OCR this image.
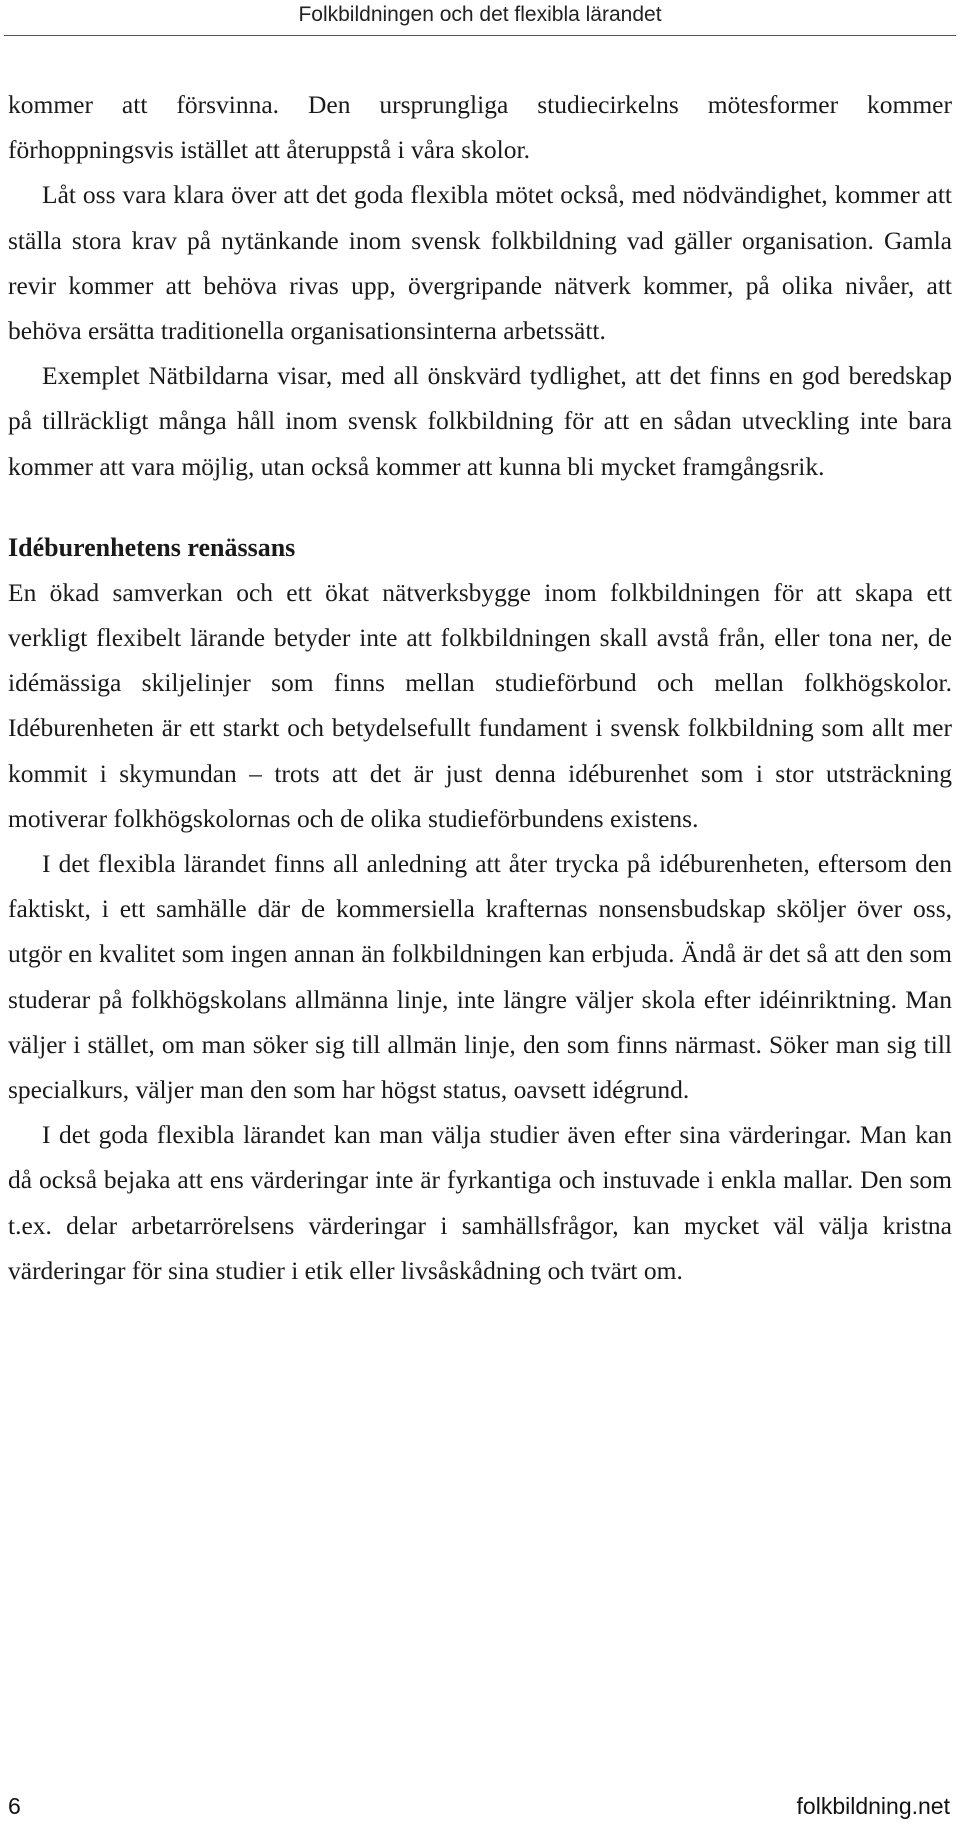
Folkbildningen och det flexibla lärandet

kommer att försvinna. Den ursprungliga studiecirkelns mötesformer kommer förhoppningsvis istället att återuppstå i våra skolor.

Låt oss vara klara över att det goda flexibla mötet också, med nödvändighet, kommer att ställa stora krav på nytänkande inom svensk folkbildning vad gäller organisation. Gamla revir kommer att behöva rivas upp, övergripande nätverk kommer, på olika nivåer, att behöva ersätta traditionella organisationsinterna arbetssätt.

Exemplet Nätbildarna visar, med all önskvärd tydlighet, att det finns en god beredskap på tillräckligt många håll inom svensk folkbildning för att en sådan utveckling inte bara kommer att vara möjlig, utan också kommer att kunna bli mycket framgångsrik.

Idéburenhetens renässans

En ökad samverkan och ett ökat nätverksbygge inom folkbildningen för att skapa ett verkligt flexibelt lärande betyder inte att folkbildningen skall avstå från, eller tona ner, de idémässiga skiljelinjer som finns mellan studieförbund och mellan folkhögskolor. Idéburenheten är ett starkt och betydelsefullt fundament i svensk folkbildning som allt mer kommit i skymundan – trots att det är just denna idéburenhet som i stor utsträckning motiverar folkhögskolornas och de olika studieförbundens existens.

I det flexibla lärandet finns all anledning att åter trycka på idéburenheten, eftersom den faktiskt, i ett samhälle där de kommersiella krafternas nonsensbudskap sköljer över oss, utgör en kvalitet som ingen annan än folkbildningen kan erbjuda. Ändå är det så att den som studerar på folkhögskolans allmänna linje, inte längre väljer skola efter idéinriktning. Man väljer i stället, om man söker sig till allmän linje, den som finns närmast. Söker man sig till specialkurs, väljer man den som har högst status, oavsett idégrund.

I det goda flexibla lärandet kan man välja studier även efter sina värderingar. Man kan då också bejaka att ens värderingar inte är fyrkantiga och instuvade i enkla mallar. Den som t.ex. delar arbetarrörelsens värderingar i samhällsfrågor, kan mycket väl välja kristna värderingar för sina studier i etik eller livsåskådning och tvärt om.

6	folkbildning.net
